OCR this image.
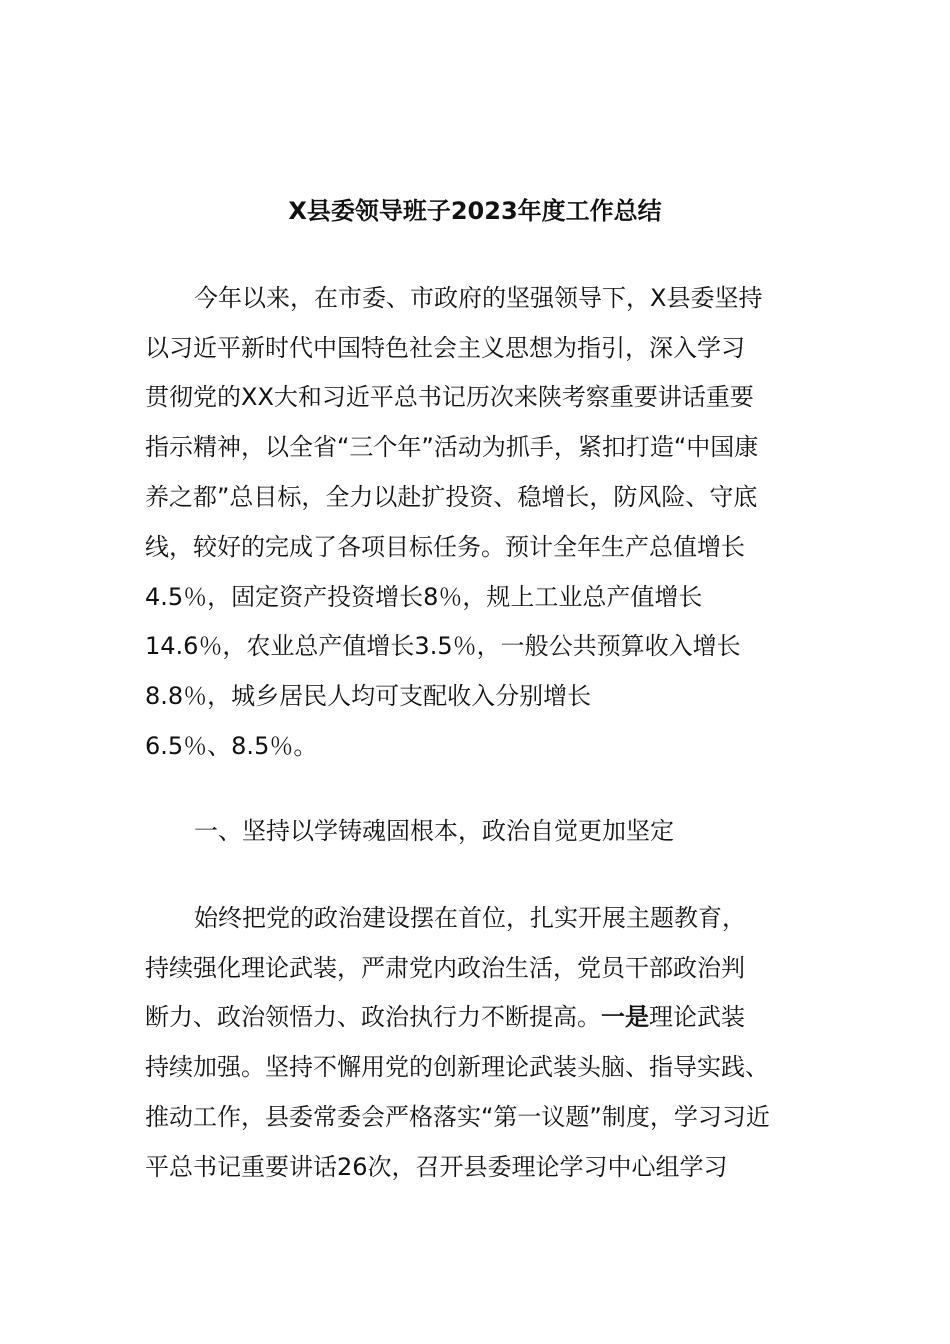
X县委领导班子2023年度工作总结
今年以来，在市委、市政府的坚强领导下，X县委坚持
以习近平新时代中国特色社会主义思想为指引，深入学习
贯彻党的XX大和习近平总书记历次来陕考察重要讲话重要
指示精神，以全省“三个年”活动为抓手，紧扣打造“中国康
养之都”总目标，全力以赴扩投资、稳增长，防风险、守底
线，较好的完成了各项目标任务。预计全年生产总值增长
4.5％，固定资产投资增长8％，规上工业总产值增长
14.6％，农业总产值增长3.5％，一般公共预算收入增长
8.8％，城乡居民人均可支配收入分别增长
6.5％、8.5％。
一、坚持以学铸魂固根本，政治自觉更加坚定
始终把党的政治建设摆在首位，扎实开展主题教育，
持续强化理论武装，严肃党内政治生活，党员干部政治判
断力、政治领悟力、政治执行力不断提高。一是理论武装
持续加强。坚持不懈用党的创新理论武装头脑、指导实践、
推动工作，县委常委会严格落实“第一议题”制度，学习习近
平总书记重要讲话26次，召开县委理论学习中心组学习
